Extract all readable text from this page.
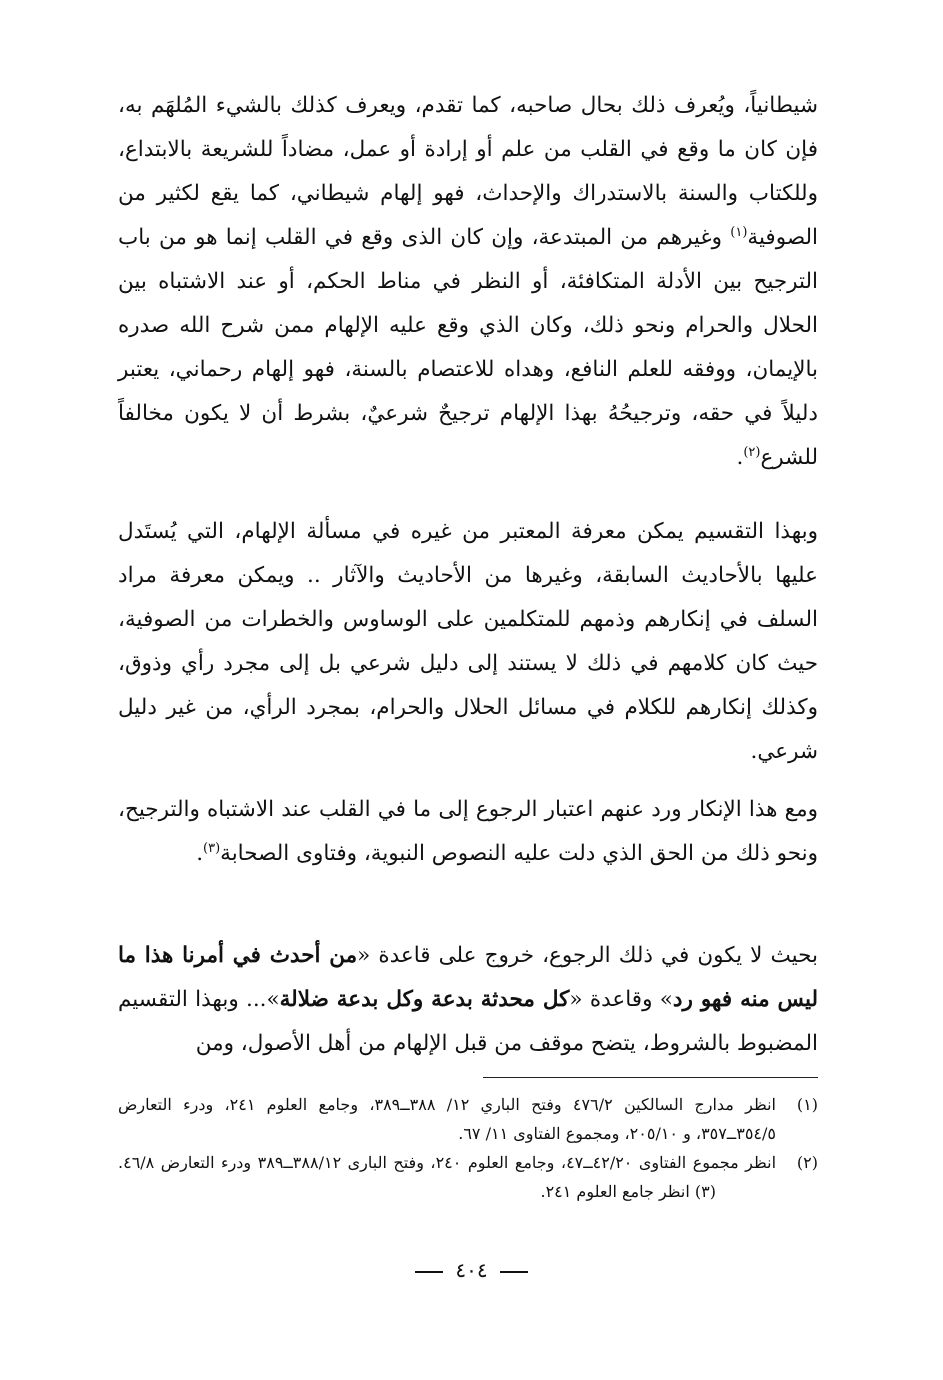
شيطانياً، ويُعرف ذلك بحال صاحبه، كما تقدم، ويعرف كذلك بالشيء المُلهَم به، فإن كان ما وقع في القلب من علم أو إرادة أو عمل، مضاداً للشريعة بالابتداع، وللكتاب والسنة بالاستدراك والإحداث، فهو إلهام شيطاني، كما يقع لكثير من الصوفية$^{(١)}$ وغيرهم من المبتدعة، وإن كان الذى وقع في القلب إنما هو من باب الترجيح بين الأدلة المتكافئة، أو النظر في مناط الحكم، أو عند الاشتباه بين الحلال والحرام ونحو ذلك، وكان الذي وقع عليه الإلهام ممن شرح الله صدره بالإيمان، ووفقه للعلم النافع، وهداه للاعتصام بالسنة، فهو إلهام رحماني، يعتبر دليلاً في حقه، وترجيحُهُ بهذا الإلهام ترجيحٌ شرعيٌ، بشرط أن لا يكون مخالفاً للشرع$^{(٢)}$.

وبهذا التقسيم يمكن معرفة المعتبر من غيره في مسألة الإلهام، التي يُستَدل عليها بالأحاديث السابقة، وغيرها من الأحاديث والآثار .. ويمكن معرفة مراد السلف في إنكارهم وذمهم للمتكلمين على الوساوس والخطرات من الصوفية، حيث كان كلامهم في ذلك لا يستند إلى دليل شرعي بل إلى مجرد رأي وذوق، وكذلك إنكارهم للكلام في مسائل الحلال والحرام، بمجرد الرأي، من غير دليل شرعي.

ومع هذا الإنكار ورد عنهم اعتبار الرجوع إلى ما في القلب عند الاشتباه والترجيح، ونحو ذلك من الحق الذي دلت عليه النصوص النبوية، وفتاوى الصحابة$^{(٣)}$.

بحيث لا يكون في ذلك الرجوع، خروج على قاعدة «من أحدث في أمرنا هذا ما ليس منه فهو رد» وقاعدة «كل محدثة بدعة وكل بدعة ضلالة»... وبهذا التقسيم المضبوط بالشروط، يتضح موقف من قبل الإلهام من أهل الأصول، ومن

(١)
انظر مدارج السالكين ٤٧٦/٢ وفتح الباري ١٢/ ٣٨٨ــ٣٨٩، وجامع العلوم ٢٤١، ودرء التعارض ٣٥٤/٥ــ٣٥٧، و ٢٠٥/١٠، ومجموع الفتاوى ١١/ ٦٧.
(٢)
انظر مجموع الفتاوى ٤٢/٢٠ــ٤٧، وجامع العلوم ٢٤٠، وفتح البارى ٣٨٨/١٢ــ٣٨٩ ودرء التعارض ٤٦/٨.(٣) انظر جامع العلوم ٢٤١.
٤٠٤
